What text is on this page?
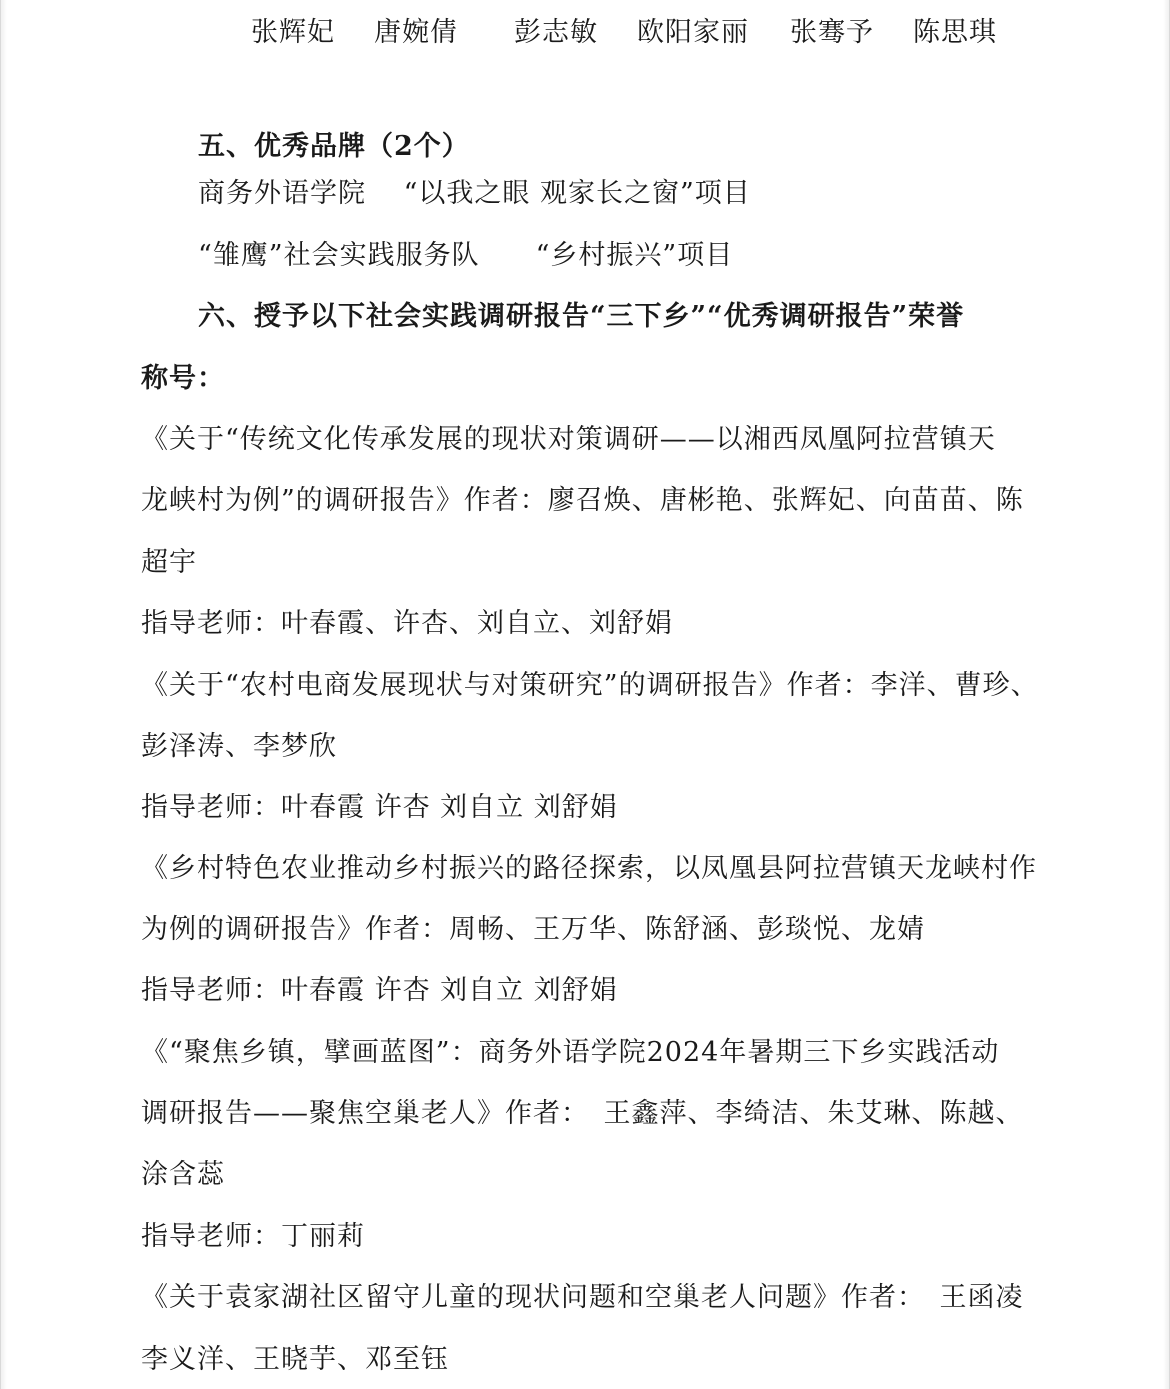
张辉妃 唐婉倩 彭志敏 欧阳家丽 张骞予 陈思琪
五、优秀品牌（2个）
商务外语学院　 “以我之眼 观家长之窗”项目
“雏鹰”社会实践服务队　　“乡村振兴”项目
六、授予以下社会实践调研报告“三下乡”“优秀调研报告”荣誉
称号：
《关于“传统文化传承发展的现状对策调研——以湘西凤凰阿拉营镇天
龙峡村为例”的调研报告》作者：廖召焕、唐彬艳、张辉妃、向苗苗、陈
超宇
指导老师：叶春霞、许杏、刘自立、刘舒娟
《关于“农村电商发展现状与对策研究”的调研报告》作者：李洋、曹珍、
彭泽涛、李梦欣
指导老师：叶春霞 许杏 刘自立 刘舒娟
《乡村特色农业推动乡村振兴的路径探索，以凤凰县阿拉营镇天龙峡村作
为例的调研报告》作者：周畅、王万华、陈舒涵、彭琰悦、龙婧
指导老师：叶春霞 许杏 刘自立 刘舒娟
《“聚焦乡镇，擘画蓝图”：商务外语学院2024年暑期三下乡实践活动
调研报告——聚焦空巢老人》作者：　王鑫萍、李绮洁、朱艾琳、陈越、
涂含蕊
指导老师：丁丽莉
《关于袁家湖社区留守儿童的现状问题和空巢老人问题》作者：　王函凌
李义洋、王晓芋、邓至钰
